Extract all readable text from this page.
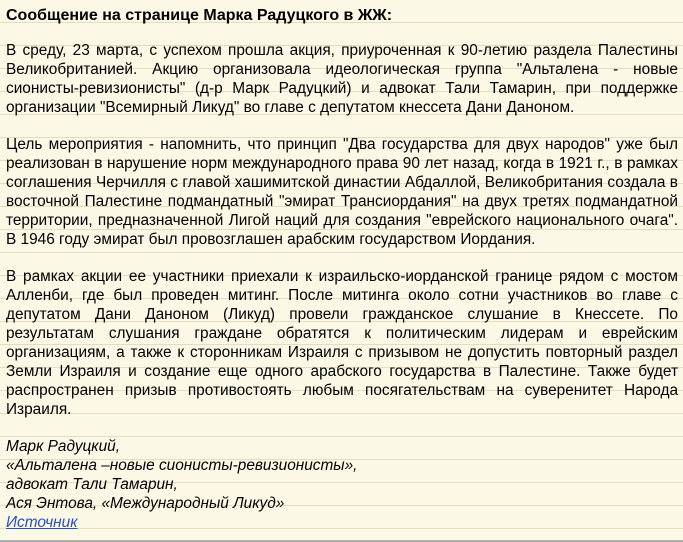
Сообщение на странице Марка Радуцкого в ЖЖ:

В среду, 23 марта, с успехом прошла акция, приуроченная к 90-летию раздела Палестины Великобританией. Акцию организовала идеологическая группа "Альталена - новые сионисты-ревизионисты" (д-р Марк Радуцкий) и адвокат Тали Тамарин, при поддержке организации "Всемирный Ликуд" во главе с депутатом кнессета Дани Даноном.

Цель мероприятия - напомнить, что принцип "Два государства для двух народов" уже был реализован в нарушение норм международного права 90 лет назад, когда в 1921 г., в рамках соглашения Черчилля с главой хашимитской династии Абдаллой, Великобритания создала в восточной Палестине подмандатный "эмират Трансиордания" на двух третях подмандатной территории, предназначенной Лигой наций для создания "еврейского национального очага". В 1946 году эмират был провозглашен арабским государством Иордания.

В рамках акции ее участники приехали к израильско-иорданской границе рядом с мостом Алленби, где был проведен митинг. После митинга около сотни участников во главе с депутатом Дани Даноном (Ликуд) провели гражданское слушание в Кнессете. По результатам слушания граждане обратятся к политическим лидерам и еврейским организациям, а также к сторонникам Израиля с призывом не допустить повторный раздел Земли Израиля и создание еще одного арабского государства в Палестине. Также будет распространен призыв противостоять любым посягательствам на суверенитет Народа Израиля.

Марк Радуцкий,
«Альталена –новые сионисты-ревизионисты»,
адвокат Тали Тамарин,
Ася Энтова, «Международный Ликуд»
Источник
